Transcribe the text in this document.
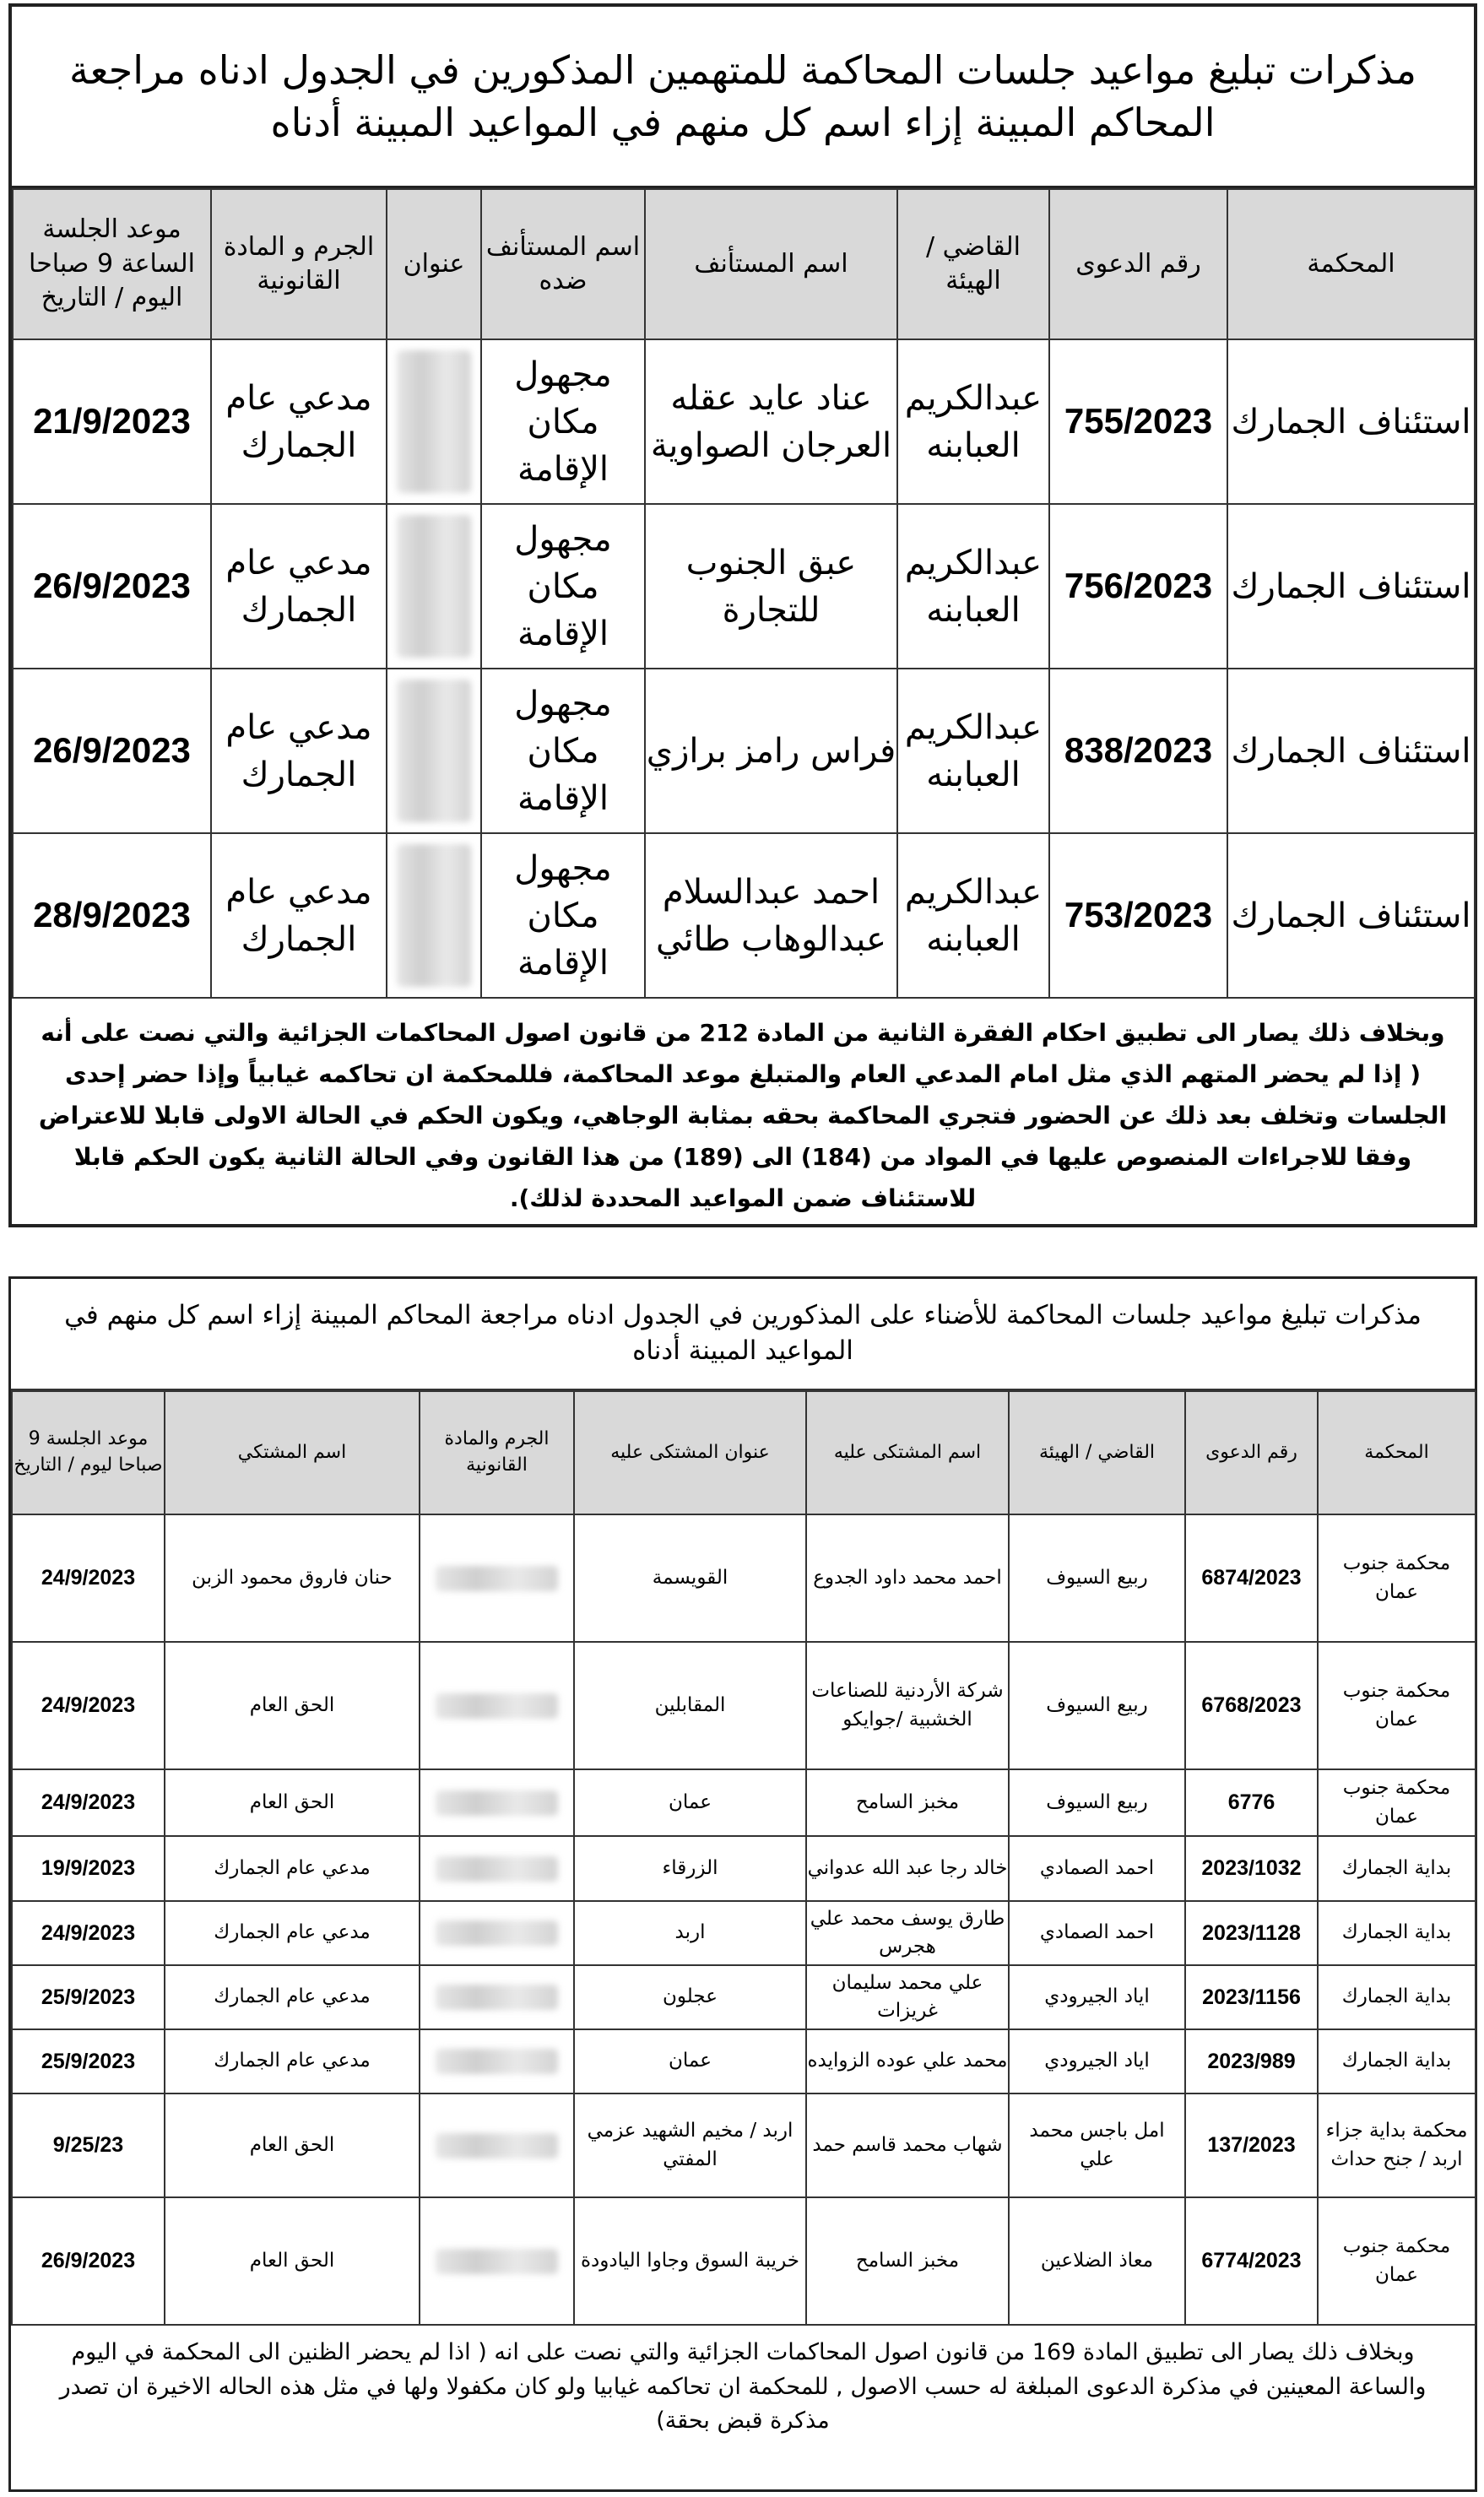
مذكرات تبليغ مواعيد جلسات المحاكمة للمتهمين المذكورين في الجدول ادناه مراجعة المحاكم المبينة إزاء اسم كل منهم في المواعيد المبينة أدناه
المحكمة	رقم الدعوى	القاضي / الهيئة	اسم المستأنف	اسم المستأنف ضده	عنوان	الجرم و المادة القانونية	موعد الجلسة الساعة 9 صباحا اليوم / التاريخ
استئناف الجمارك	755/2023	عبدالكريم العبابنه	عناد عايد عقله العرجان الصواوية	مجهول مكان الإقامة		مدعي عام الجمارك	21/9/2023
استئناف الجمارك	756/2023	عبدالكريم العبابنه	عبق الجنوب للتجارة	مجهول مكان الإقامة		مدعي عام الجمارك	26/9/2023
استئناف الجمارك	838/2023	عبدالكريم العبابنه	فراس رامز برازي	مجهول مكان الإقامة		مدعي عام الجمارك	26/9/2023
استئناف الجمارك	753/2023	عبدالكريم العبابنه	احمد عبدالسلام عبدالوهاب طائي	مجهول مكان الإقامة		مدعي عام الجمارك	28/9/2023
وبخلاف ذلك يصار الى تطبيق احكام الفقرة الثانية من المادة 212 من قانون اصول المحاكمات الجزائية والتي نصت على أنه ( إذا لم يحضر المتهم الذي مثل امام المدعي العام والمتبلغ موعد المحاكمة، فللمحكمة ان تحاكمه غيابياً وإذا حضر إحدى الجلسات وتخلف بعد ذلك عن الحضور فتجري المحاكمة بحقه بمثابة الوجاهي، ويكون الحكم في الحالة الاولى قابلا للاعتراض وفقا للاجراءات المنصوص عليها في المواد من (184) الى (189) من هذا القانون وفي الحالة الثانية يكون الحكم قابلا للاستئناف ضمن المواعيد المحددة لذلك).
مذكرات تبليغ مواعيد جلسات المحاكمة للأضناء على المذكورين في الجدول ادناه مراجعة المحاكم المبينة إزاء اسم كل منهم في المواعيد المبينة أدناه
المحكمة	رقم الدعوى	القاضي / الهيئة	اسم المشتكى عليه	عنوان المشتكى عليه	الجرم والمادة القانونية	اسم المشتكي	موعد الجلسة 9 صباحا ليوم / التاريخ
محكمة جنوب عمان	6874/2023	ربيع السيوف	احمد محمد داود الجدوع	القويسمة		حنان فاروق محمود الزبن	24/9/2023
محكمة جنوب عمان	6768/2023	ربيع السيوف	شركة الأردنية للصناعات الخشبية /جوايكو	المقابلين		الحق العام	24/9/2023
محكمة جنوب عمان	6776	ربيع السيوف	مخبز السامح	عمان		الحق العام	24/9/2023
بداية الجمارك	2023/1032	احمد الصمادي	خالد رجا عبد الله عدواني	الزرقاء		مدعي عام الجمارك	19/9/2023
بداية الجمارك	2023/1128	احمد الصمادي	طارق يوسف محمد علي هجرس	اربد		مدعي عام الجمارك	24/9/2023
بداية الجمارك	2023/1156	اياد الجيرودي	علي محمد سليمان غريزات	عجلون		مدعي عام الجمارك	25/9/2023
بداية الجمارك	2023/989	اياد الجيرودي	محمد علي عوده الزوايده	عمان		مدعي عام الجمارك	25/9/2023
محكمة بداية جزاء اربد / جنح حداث	137/2023	امل باجس محمد علي	شهاب محمد قاسم حمد	اربد / مخيم الشهيد عزمي المفتي		الحق العام	9/25/23
محكمة جنوب عمان	6774/2023	معاذ الضلاعين	مخبز السامح	خريبة السوق وجاوا اليادودة		الحق العام	26/9/2023
وبخلاف ذلك يصار الى تطبيق المادة 169 من قانون اصول المحاكمات الجزائية والتي نصت على انه ( اذا لم يحضر الظنين الى المحكمة في اليوم والساعة المعينين في مذكرة الدعوى المبلغة له حسب الاصول , للمحكمة ان تحاكمه غيابيا ولو كان مكفولا ولها في مثل هذه الحاله الاخيرة ان تصدر مذكرة قبض بحقة)
